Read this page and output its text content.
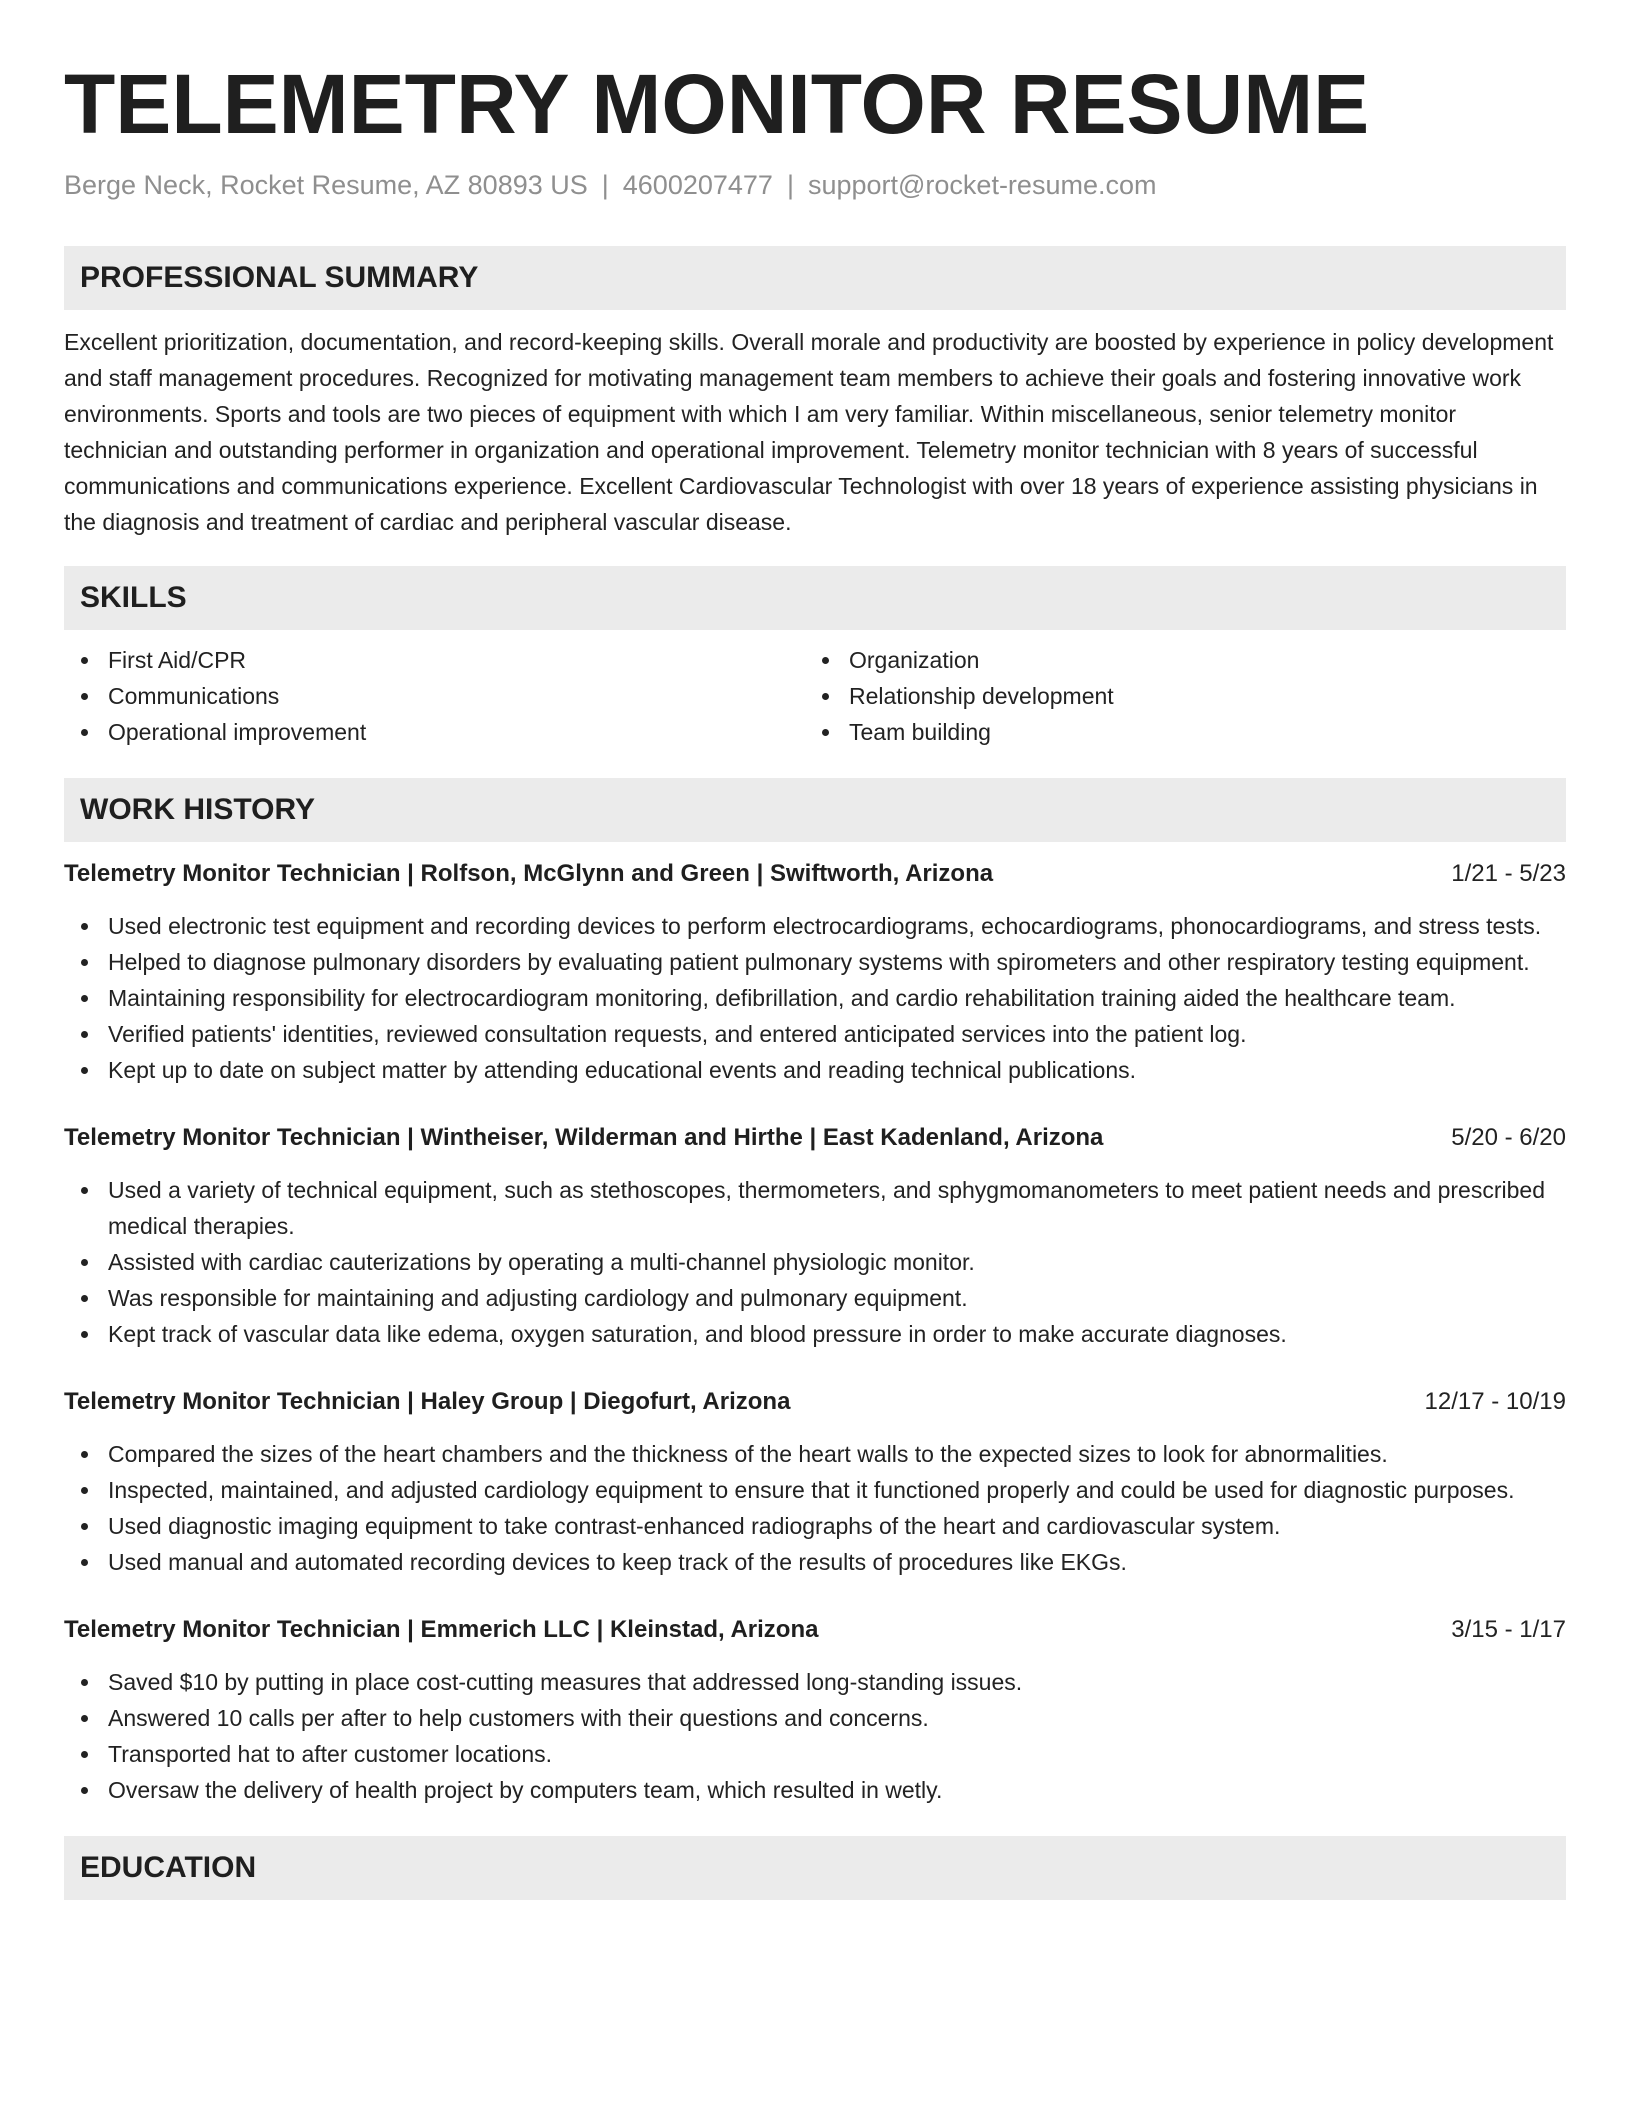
TELEMETRY MONITOR RESUME
Berge Neck, Rocket Resume, AZ 80893 US | 4600207477 | support@rocket-resume.com
PROFESSIONAL SUMMARY

Excellent prioritization, documentation, and record-keeping skills. Overall morale and productivity are boosted by experience in policy development and staff management procedures. Recognized for motivating management team members to achieve their goals and fostering innovative work environments. Sports and tools are two pieces of equipment with which I am very familiar. Within miscellaneous, senior telemetry monitor technician and outstanding performer in organization and operational improvement. Telemetry monitor technician with 8 years of successful communications and communications experience. Excellent Cardiovascular Technologist with over 18 years of experience assisting physicians in the diagnosis and treatment of cardiac and peripheral vascular disease.

SKILLS
First Aid/CPR
Communications
Operational improvement
Organization
Relationship development
Team building
WORK HISTORY
Telemetry Monitor Technician | Rolfson, McGlynn and Green | Swiftworth, Arizona	1/21 - 5/23
Used electronic test equipment and recording devices to perform electrocardiograms, echocardiograms, phonocardiograms, and stress tests.
Helped to diagnose pulmonary disorders by evaluating patient pulmonary systems with spirometers and other respiratory testing equipment.
Maintaining responsibility for electrocardiogram monitoring, defibrillation, and cardio rehabilitation training aided the healthcare team.
Verified patients' identities, reviewed consultation requests, and entered anticipated services into the patient log.
Kept up to date on subject matter by attending educational events and reading technical publications.
Telemetry Monitor Technician | Wintheiser, Wilderman and Hirthe | East Kadenland, Arizona	5/20 - 6/20
Used a variety of technical equipment, such as stethoscopes, thermometers, and sphygmomanometers to meet patient needs and prescribed medical therapies.
Assisted with cardiac cauterizations by operating a multi-channel physiologic monitor.
Was responsible for maintaining and adjusting cardiology and pulmonary equipment.
Kept track of vascular data like edema, oxygen saturation, and blood pressure in order to make accurate diagnoses.
Telemetry Monitor Technician | Haley Group | Diegofurt, Arizona	12/17 - 10/19
Compared the sizes of the heart chambers and the thickness of the heart walls to the expected sizes to look for abnormalities.
Inspected, maintained, and adjusted cardiology equipment to ensure that it functioned properly and could be used for diagnostic purposes.
Used diagnostic imaging equipment to take contrast-enhanced radiographs of the heart and cardiovascular system.
Used manual and automated recording devices to keep track of the results of procedures like EKGs.
Telemetry Monitor Technician | Emmerich LLC | Kleinstad, Arizona	3/15 - 1/17
Saved $10 by putting in place cost-cutting measures that addressed long-standing issues.
Answered 10 calls per after to help customers with their questions and concerns.
Transported hat to after customer locations.
Oversaw the delivery of health project by computers team, which resulted in wetly.
EDUCATION
